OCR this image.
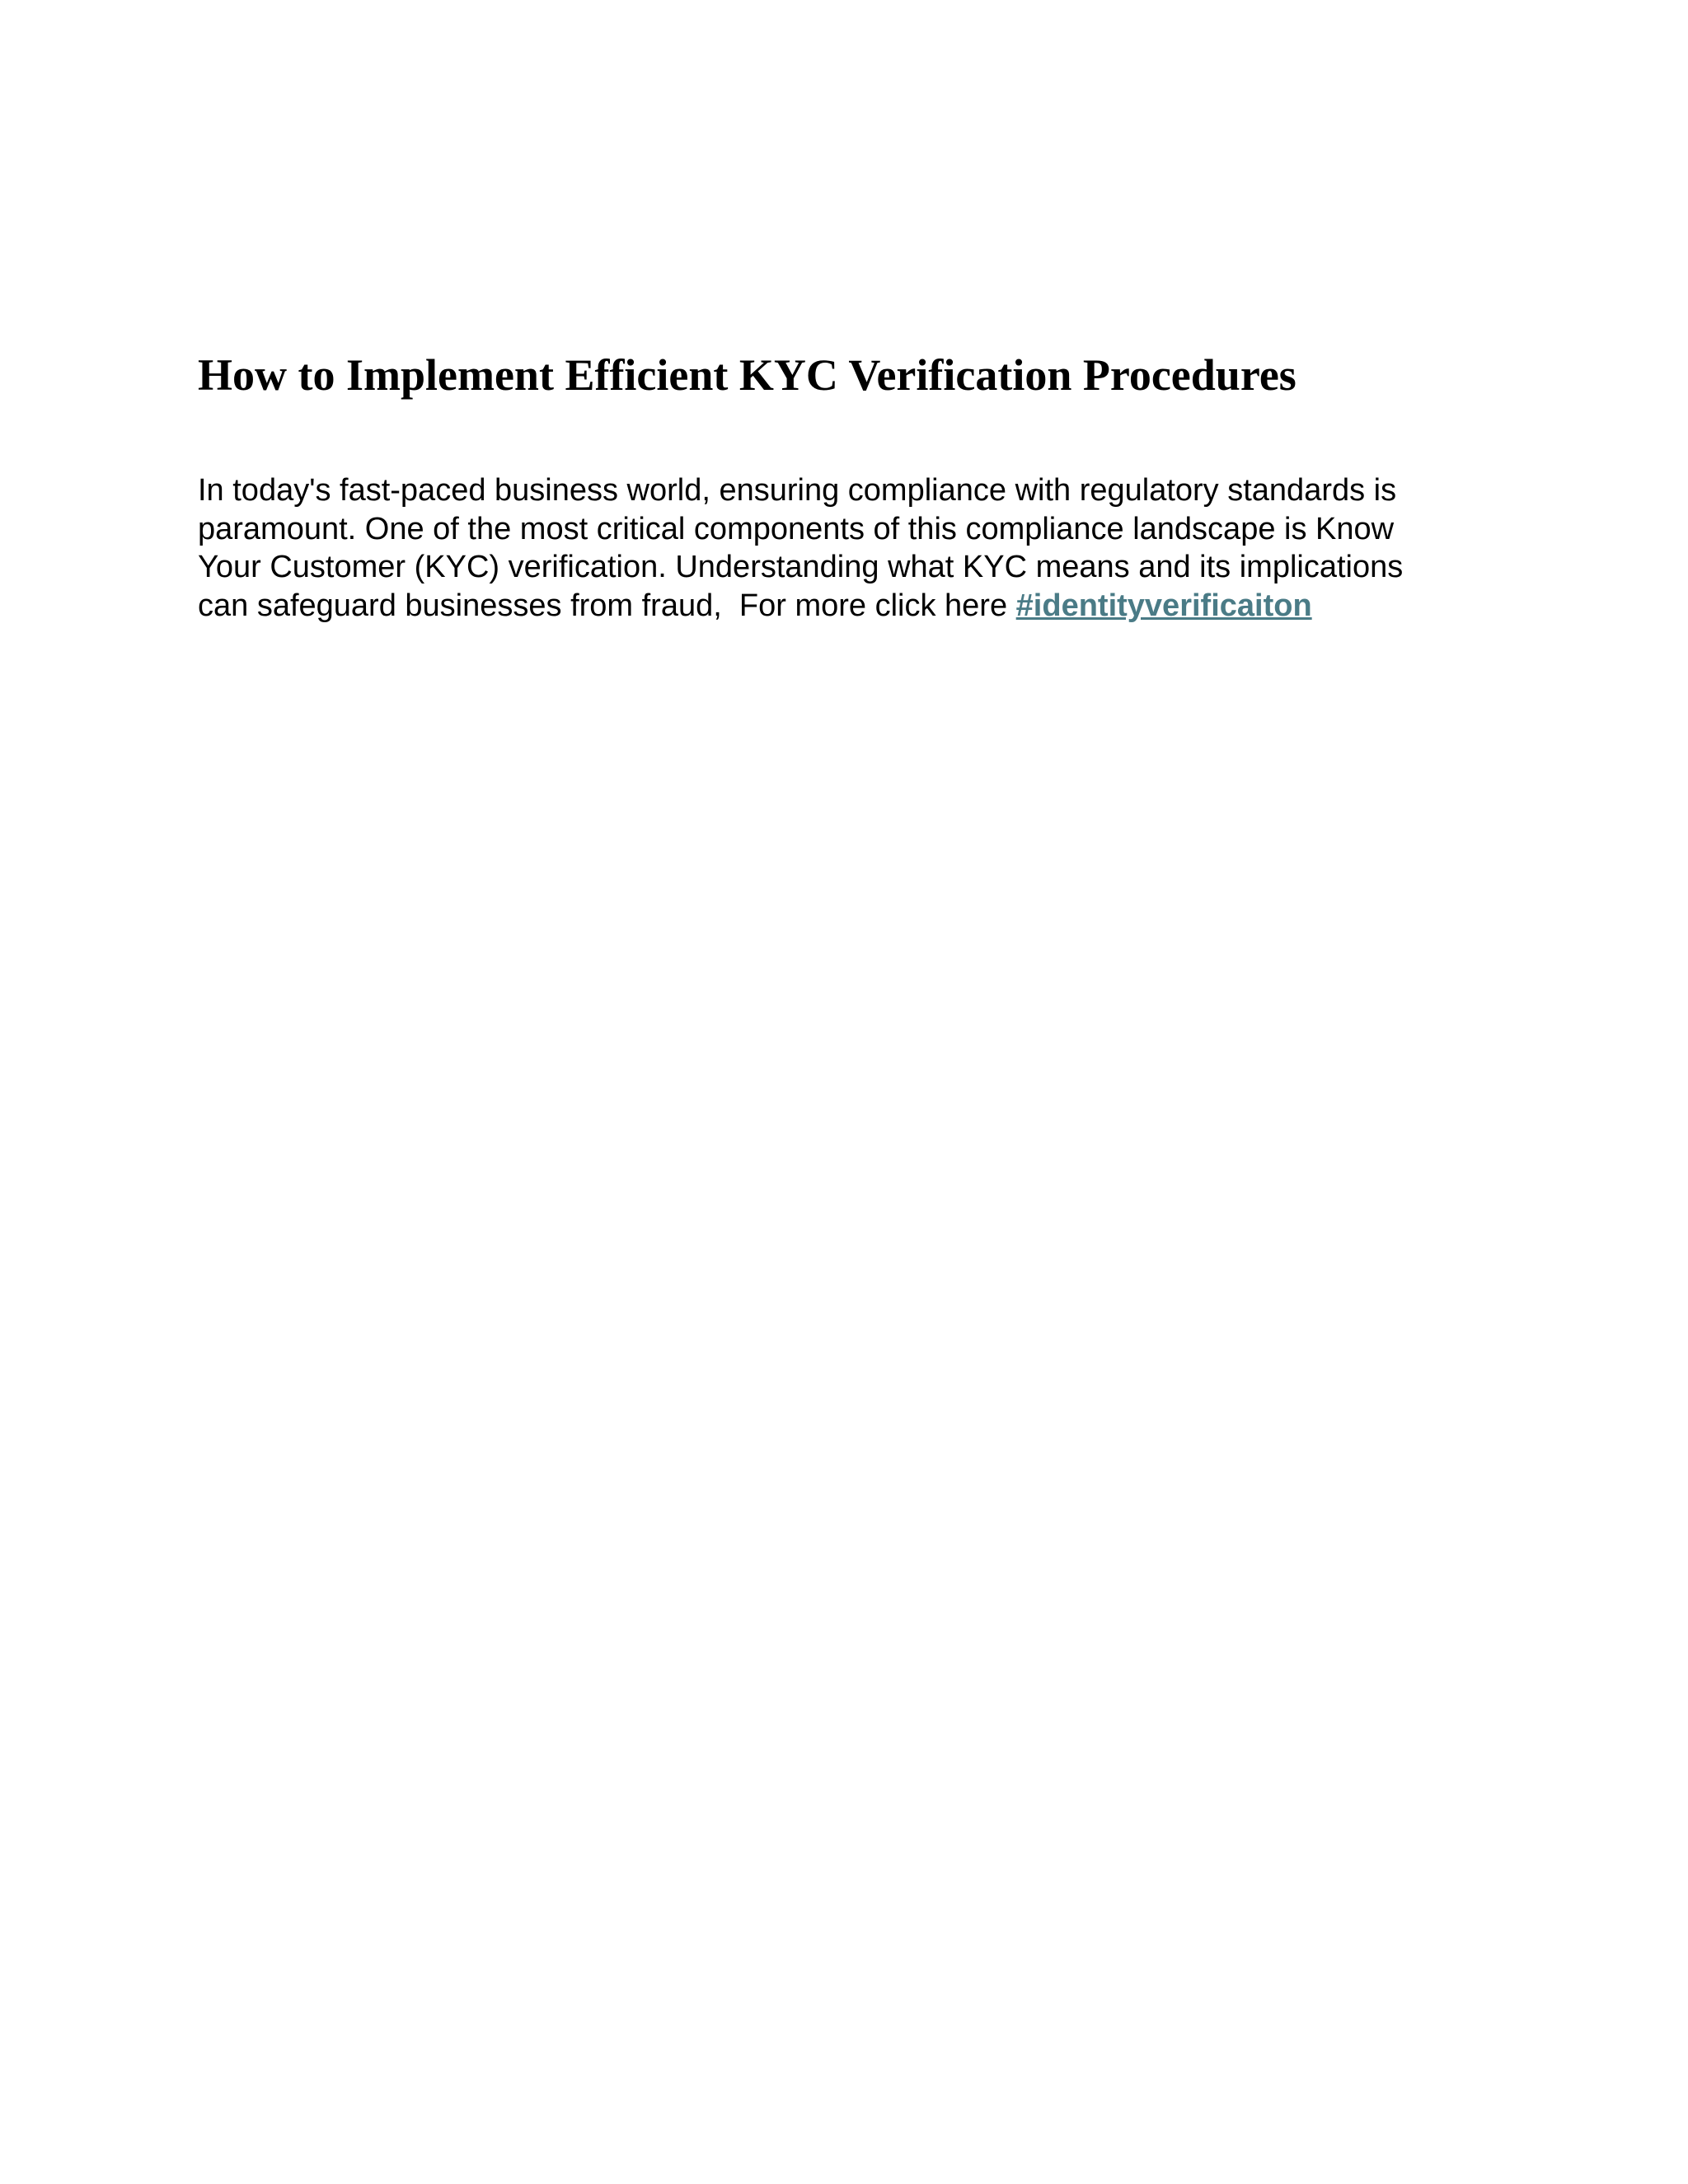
How to Implement Efficient KYC Verification Procedures

In today's fast-paced business world, ensuring compliance with regulatory standards is
paramount. One of the most critical components of this compliance landscape is Know
Your Customer (KYC) verification. Understanding what KYC means and its implications
can safeguard businesses from fraud,  For more click here #identityverificaiton
